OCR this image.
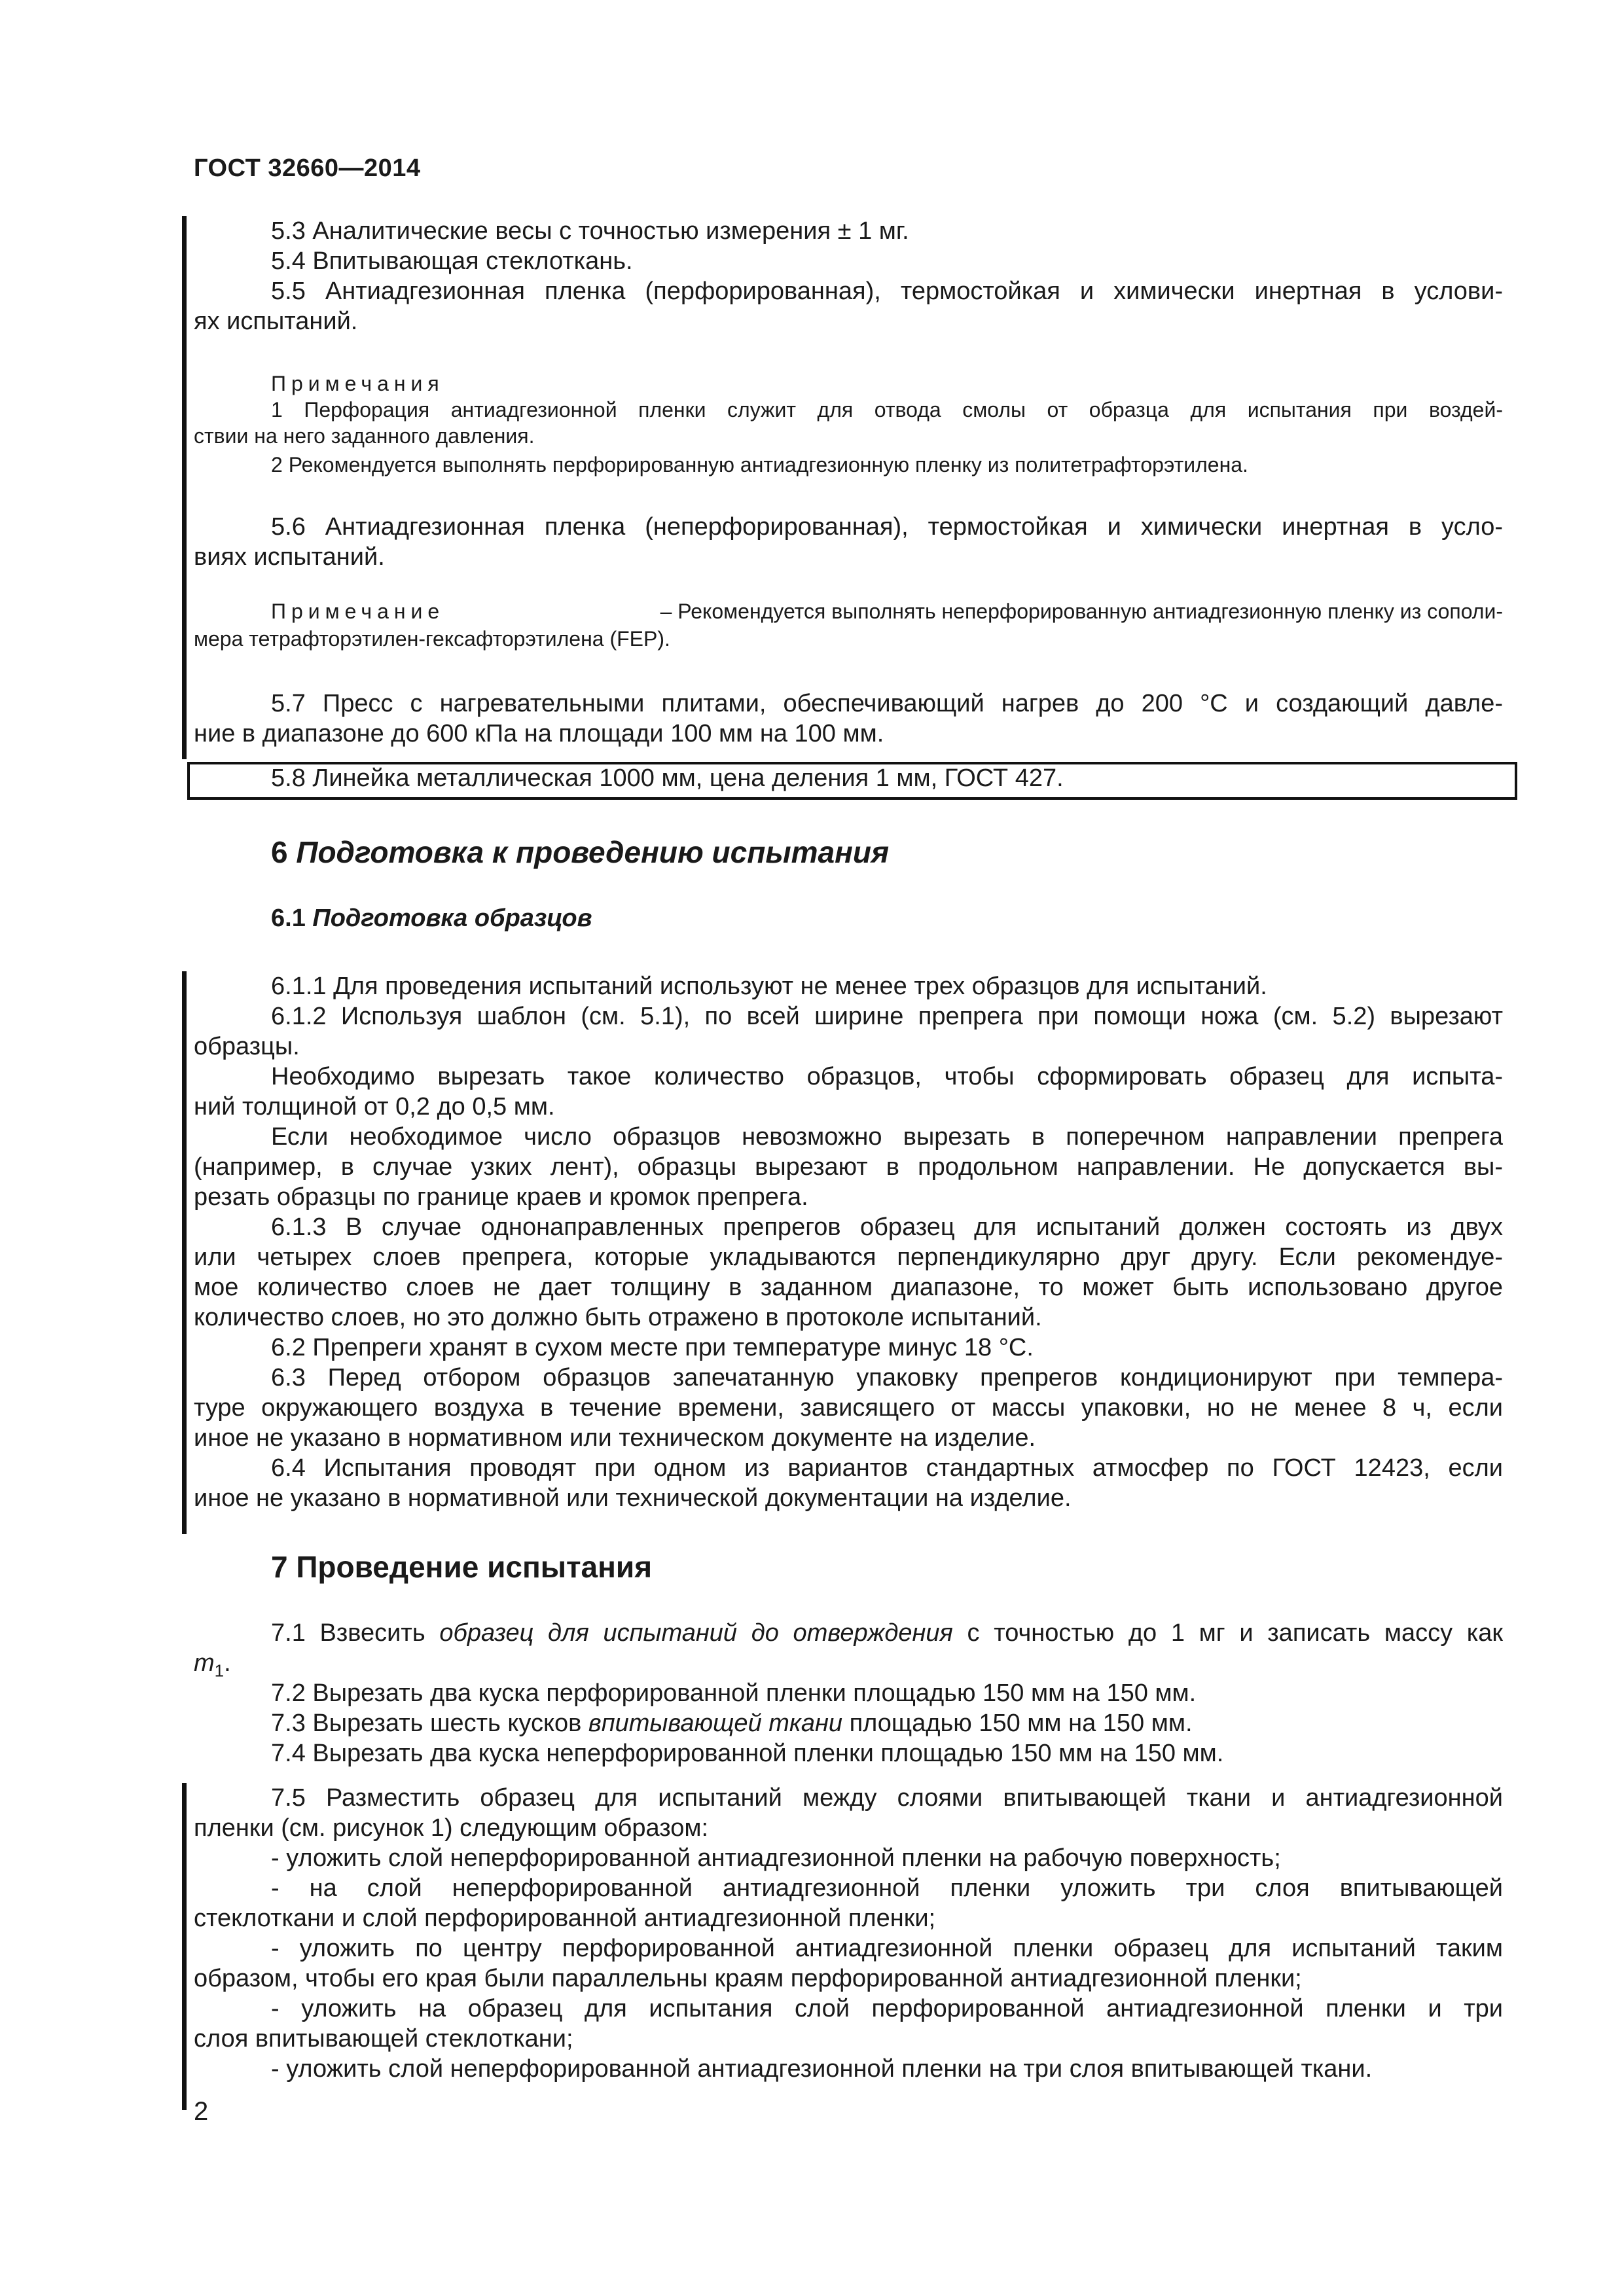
ГОСТ 32660—2014
5.3 Аналитические весы с точностью измерения ± 1 мг.
5.4 Впитывающая стеклоткань.
5.5 Антиадгезионная пленка (перфорированная), термостойкая и химически инертная в услови-
ях испытаний.
Примечания
1 Перфорация антиадгезионной пленки служит для отвода смолы от образца для испытания при воздей-
ствии на него заданного давления.
2 Рекомендуется выполнять перфорированную антиадгезионную пленку из политетрафторэтилена.
5.6 Антиадгезионная пленка (неперфорированная), термостойкая и химически инертная в усло-
виях испытаний.
Примечание	– Рекомендуется выполнять неперфорированную антиадгезионную пленку из сополи-
мера тетрафторэтилен-гексафторэтилена (FEP).
5.7 Пресс с нагревательными плитами, обеспечивающий нагрев до 200 °С и создающий давле-
ние в диапазоне до 600 кПа на площади 100 мм на 100 мм.
5.8 Линейка металлическая 1000 мм, цена деления 1 мм, ГОСТ 427.
6 Подготовка к проведению испытания
6.1 Подготовка образцов
6.1.1 Для проведения испытаний используют не менее трех образцов для испытаний.
6.1.2 Используя шаблон (см. 5.1), по всей ширине препрега при помощи ножа (см. 5.2) вырезают
образцы.
Необходимо вырезать такое количество образцов, чтобы сформировать образец для испыта-
ний толщиной от 0,2 до 0,5 мм.
Если необходимое число образцов невозможно вырезать в поперечном направлении препрега
(например, в случае узких лент), образцы вырезают в продольном направлении. Не допускается вы-
резать образцы по границе краев и кромок препрега.
6.1.3 В случае однонаправленных препрегов образец для испытаний должен состоять из двух
или четырех слоев препрега, которые укладываются перпендикулярно друг другу. Если рекомендуе-
мое количество слоев не дает толщину в заданном диапазоне, то может быть использовано другое
количество слоев, но это должно быть отражено в протоколе испытаний.
6.2 Препреги хранят в сухом месте при температуре минус 18 °С.
6.3 Перед отбором образцов запечатанную упаковку препрегов кондиционируют при темпера-
туре окружающего воздуха в течение времени, зависящего от массы упаковки, но не менее 8 ч, если
иное не указано в нормативном или техническом документе на изделие.
6.4 Испытания проводят при одном из вариантов стандартных атмосфер по ГОСТ 12423, если
иное не указано в нормативной или технической документации на изделие.
7 Проведение испытания
7.1 Взвесить образец для испытаний до отверждения с точностью до 1 мг и записать массу как
$m_1$.
7.2 Вырезать два куска перфорированной пленки площадью 150 мм на 150 мм.
7.3 Вырезать шесть кусков впитывающей ткани площадью 150 мм на 150 мм.
7.4 Вырезать два куска неперфорированной пленки площадью 150 мм на 150 мм.
7.5 Разместить образец для испытаний между слоями впитывающей ткани и антиадгезионной
пленки (см. рисунок 1) следующим образом:
- уложить слой неперфорированной антиадгезионной пленки на рабочую поверхность;
- на слой неперфорированной антиадгезионной пленки уложить три слоя впитывающей
стеклоткани и слой перфорированной антиадгезионной пленки;
- уложить по центру перфорированной антиадгезионной пленки образец для испытаний таким
образом, чтобы его края были параллельны краям перфорированной антиадгезионной пленки;
- уложить на образец для испытания слой перфорированной антиадгезионной пленки и три
слоя впитывающей стеклоткани;
- уложить слой неперфорированной антиадгезионной пленки на три слоя впитывающей ткани.
2
